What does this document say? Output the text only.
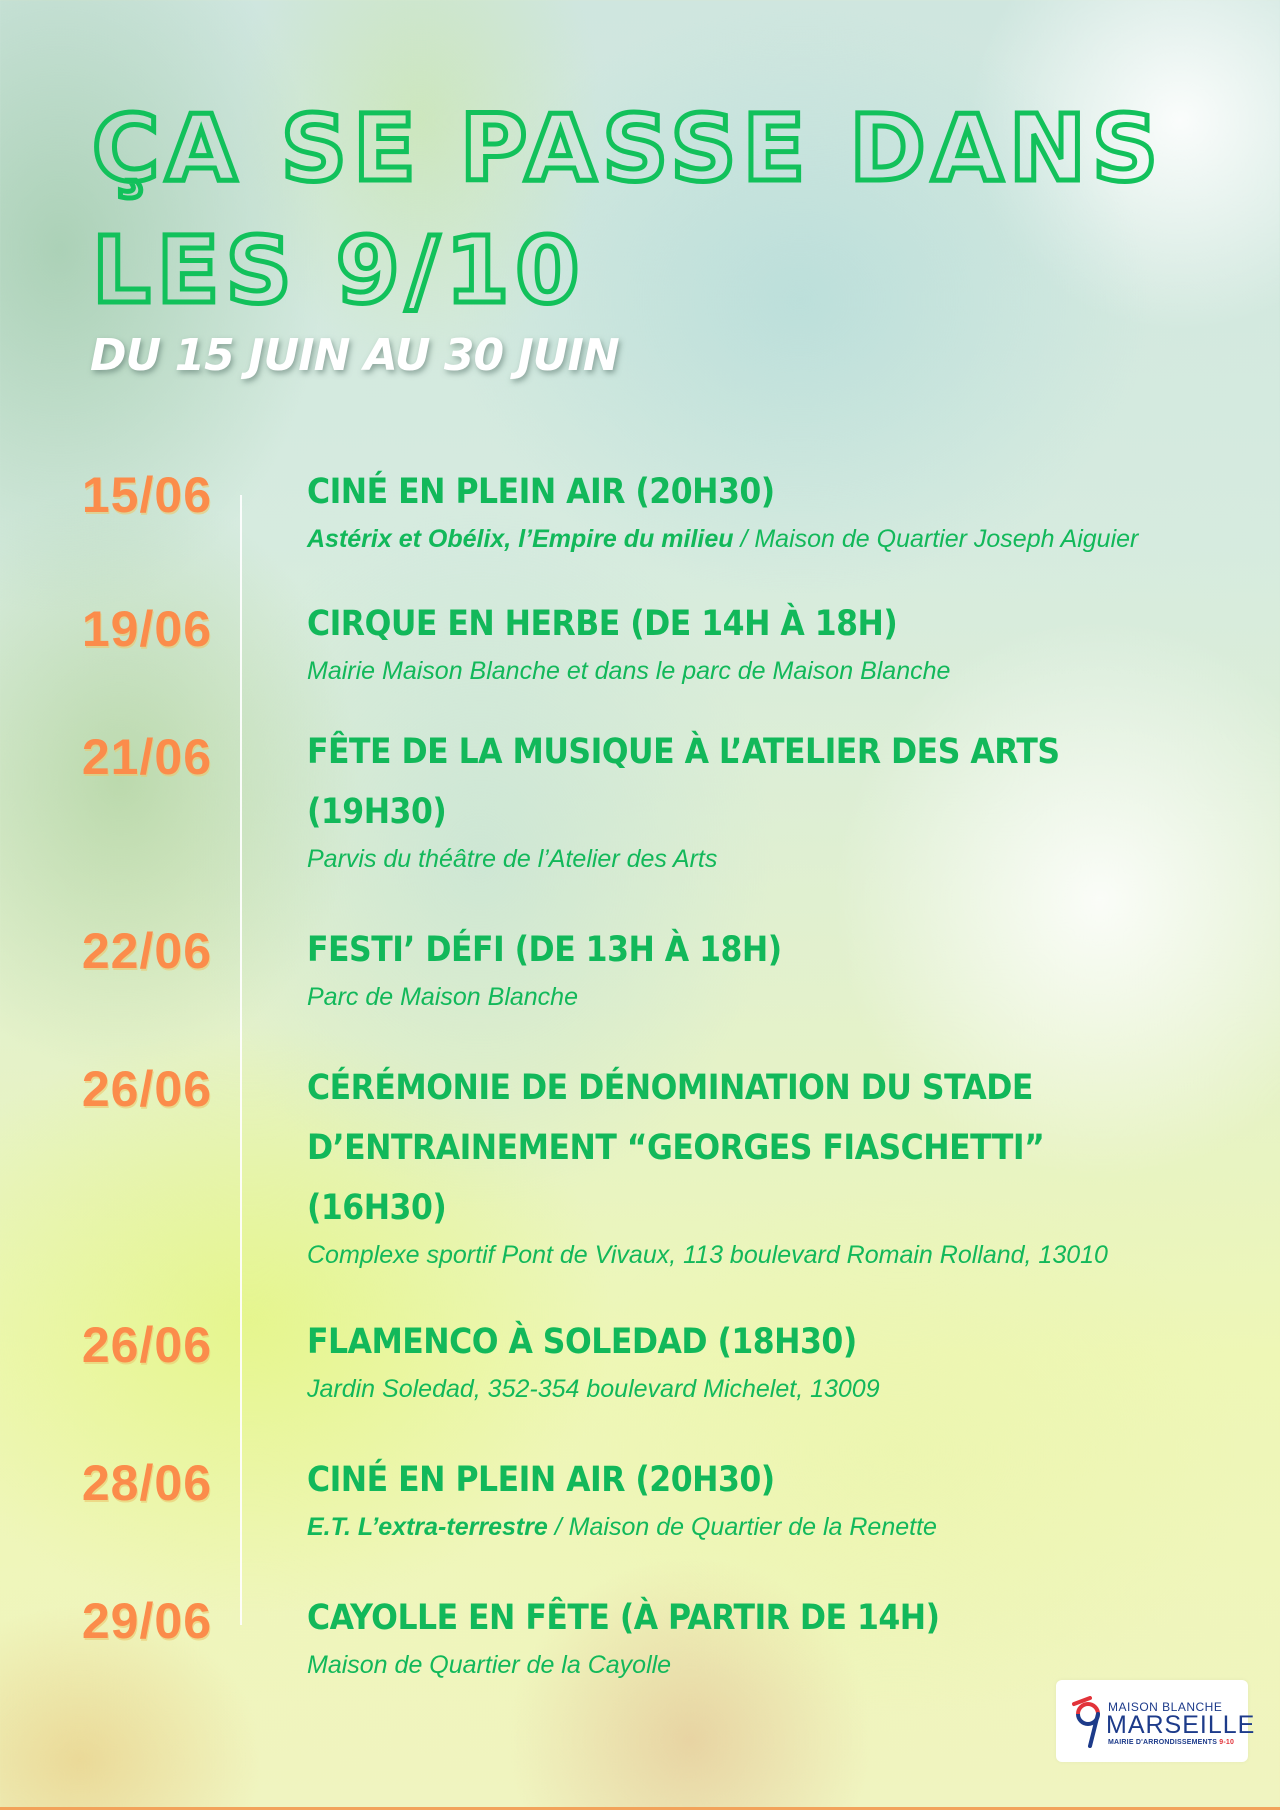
ÇA SE PASSE DANS
LES 9/10
DU 15 JUIN AU 30 JUIN
15/06	CINÉ EN PLEIN AIR (20H30)

Astérix et Obélix, l’Empire du milieu / Maison de Quartier Joseph Aiguier

19/06	CIRQUE EN HERBE (DE 14H À 18H)

Mairie Maison Blanche et dans le parc de Maison Blanche

21/06	FÊTE DE LA MUSIQUE À L’ATELIER DES ARTS (19H30)

Parvis du théâtre de l’Atelier des Arts

22/06	FESTI’ DÉFI (DE 13H À 18H)

Parc de Maison Blanche

26/06	CÉRÉMONIE DE DÉNOMINATION DU STADE D’ENTRAINEMENT “GEORGES FIASCHETTI” (16H30)

Complexe sportif Pont de Vivaux, 113 boulevard Romain Rolland, 13010

26/06	FLAMENCO À SOLEDAD (18H30)

Jardin Soledad, 352-354 boulevard Michelet, 13009

28/06	CINÉ EN PLEIN AIR (20H30)

E.T. L’extra-terrestre / Maison de Quartier de la Renette

29/06	CAYOLLE EN FÊTE (À PARTIR DE 14H)

Maison de Quartier de la Cayolle

MAISON BLANCHE
MARSEILLE
MAIRIE D'ARRONDISSEMENTS 9-10
